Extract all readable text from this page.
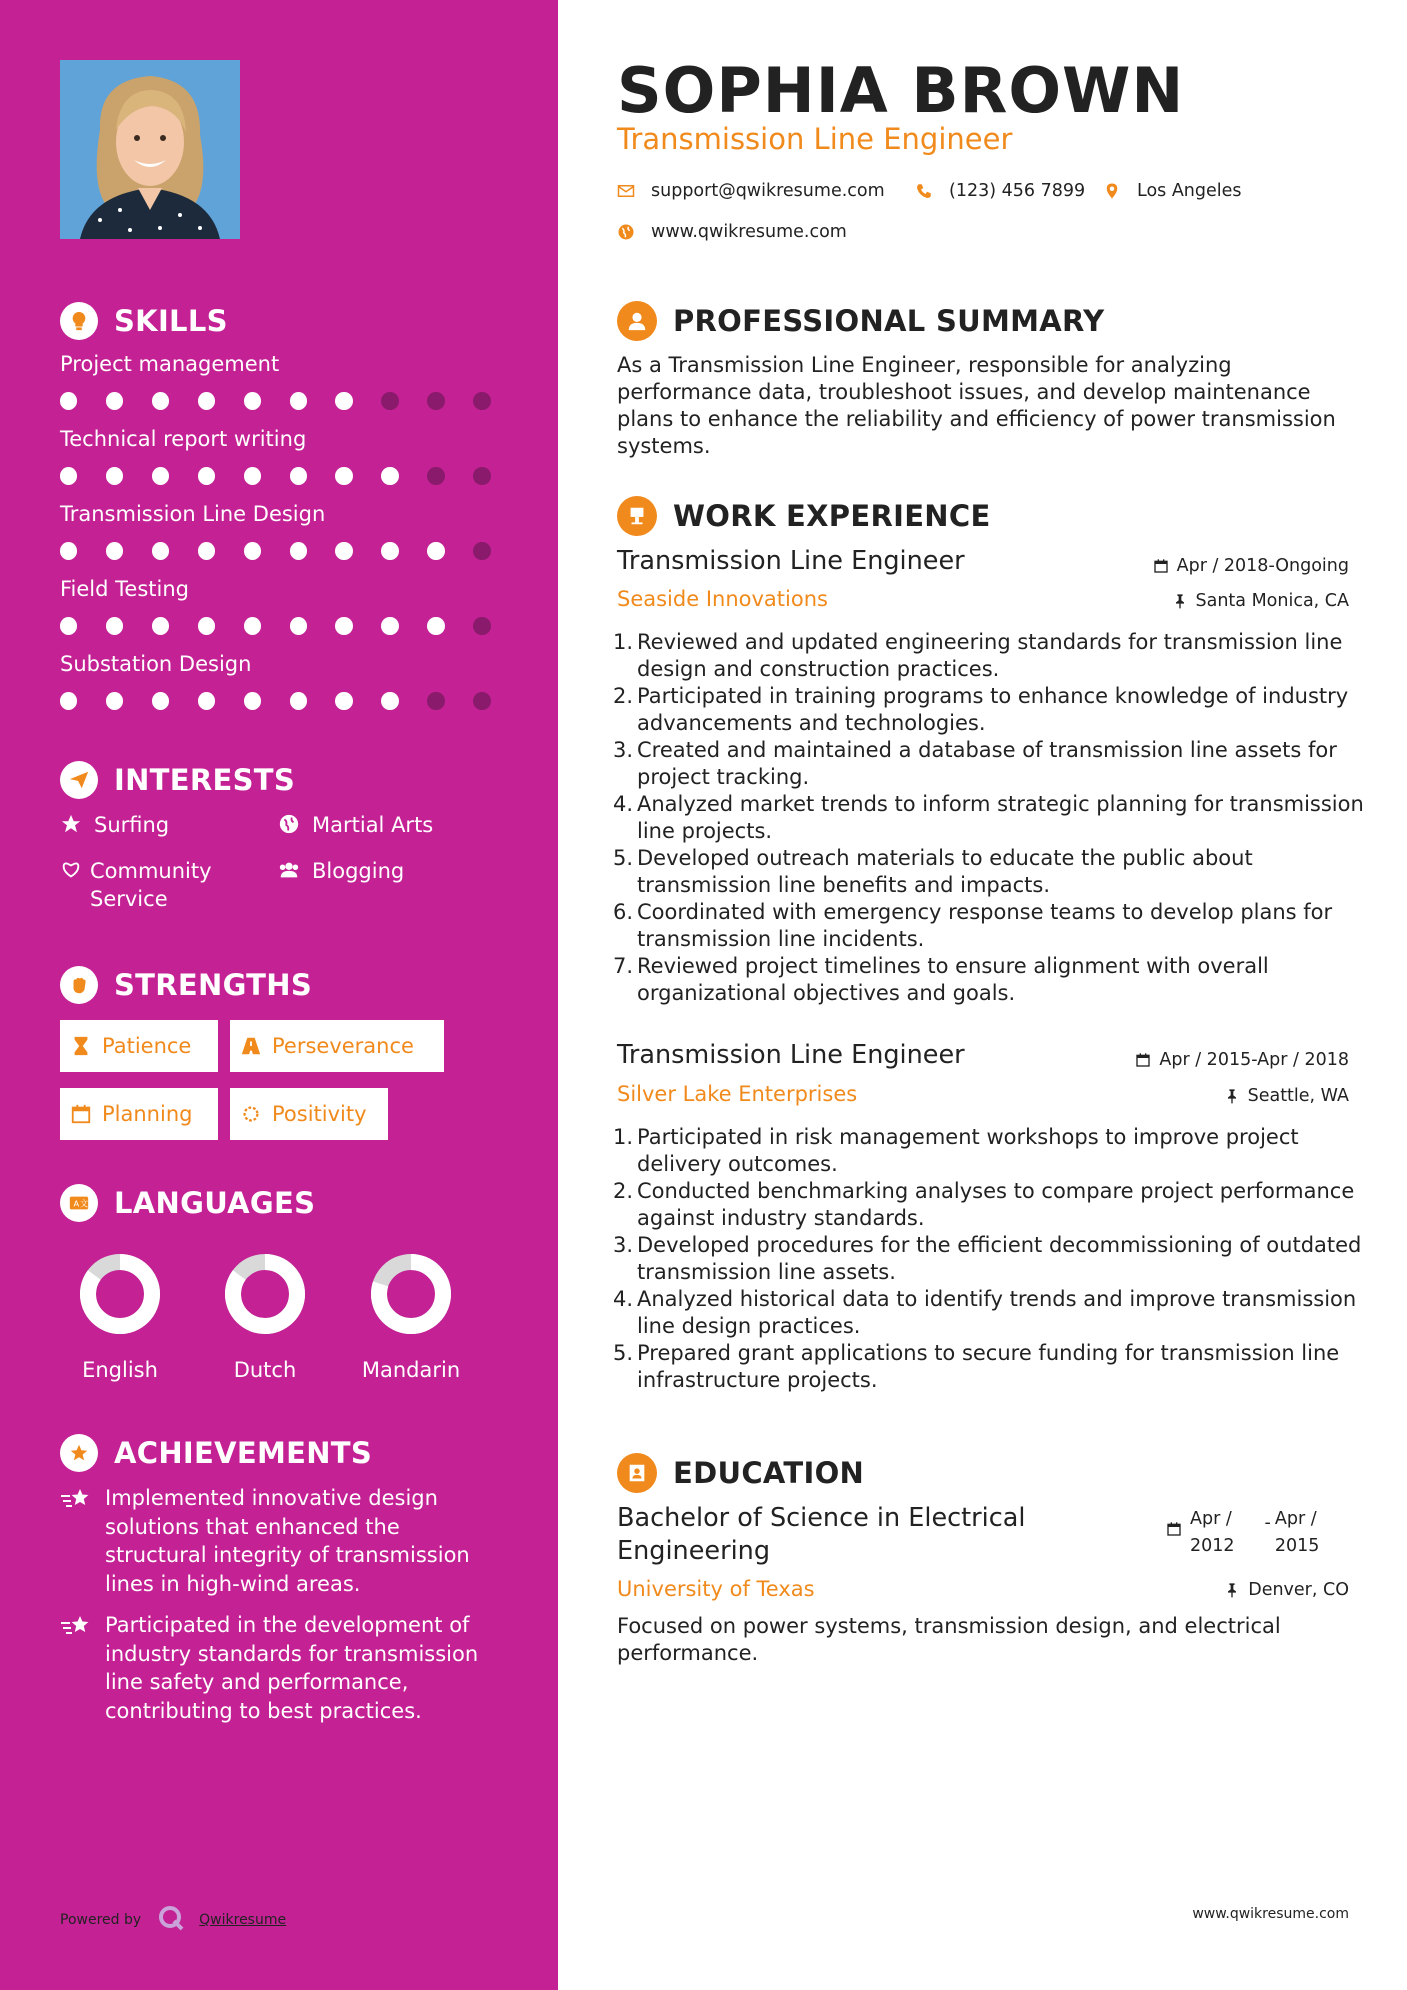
SKILLS
Project management
Technical report writing
Transmission Line Design
Field Testing
Substation Design
INTERESTS
Surfing	Martial Arts
Community Service
Blogging
STRENGTHS
Patience	Perseverance
Planning	Positivity
A 文 LANGUAGES
English	Dutch	Mandarin
ACHIEVEMENTS
Implemented innovative design solutions that enhanced the structural integrity of transmission lines in high-wind areas.
Participated in the development of industry standards for transmission line safety and performance, contributing to best practices.
Powered by	Qwikresume
SOPHIA BROWN
Transmission Line Engineer
support@qwikresume.com	(123) 456 7899	Los Angeles
www.qwikresume.com
PROFESSIONAL SUMMARY
As a Transmission Line Engineer, responsible for analyzing performance data, troubleshoot issues, and develop maintenance plans to enhance the reliability and efficiency of power transmission systems.
WORK EXPERIENCE
Transmission Line Engineer	Apr / 2018-Ongoing
Seaside Innovations	Santa Monica, CA
1. Reviewed and updated engineering standards for transmission line design and construction practices.
2. Participated in training programs to enhance knowledge of industry advancements and technologies.
3. Created and maintained a database of transmission line assets for project tracking.
4. Analyzed market trends to inform strategic planning for transmission line projects.
5. Developed outreach materials to educate the public about transmission line benefits and impacts.
6. Coordinated with emergency response teams to develop plans for transmission line incidents.
7. Reviewed project timelines to ensure alignment with overall organizational objectives and goals.
Transmission Line Engineer	Apr / 2015-Apr / 2018
Silver Lake Enterprises	Seattle, WA
1. Participated in risk management workshops to improve project delivery outcomes.
2. Conducted benchmarking analyses to compare project performance against industry standards.
3. Developed procedures for the efficient decommissioning of outdated transmission line assets.
4. Analyzed historical data to identify trends and improve transmission line design practices.
5. Prepared grant applications to secure funding for transmission line infrastructure projects.
EDUCATION
Bachelor of Science in Electrical Engineering
Apr /
2012
- Apr /
2015
University of Texas	Denver, CO
Focused on power systems, transmission design, and electrical performance.
www.qwikresume.com
